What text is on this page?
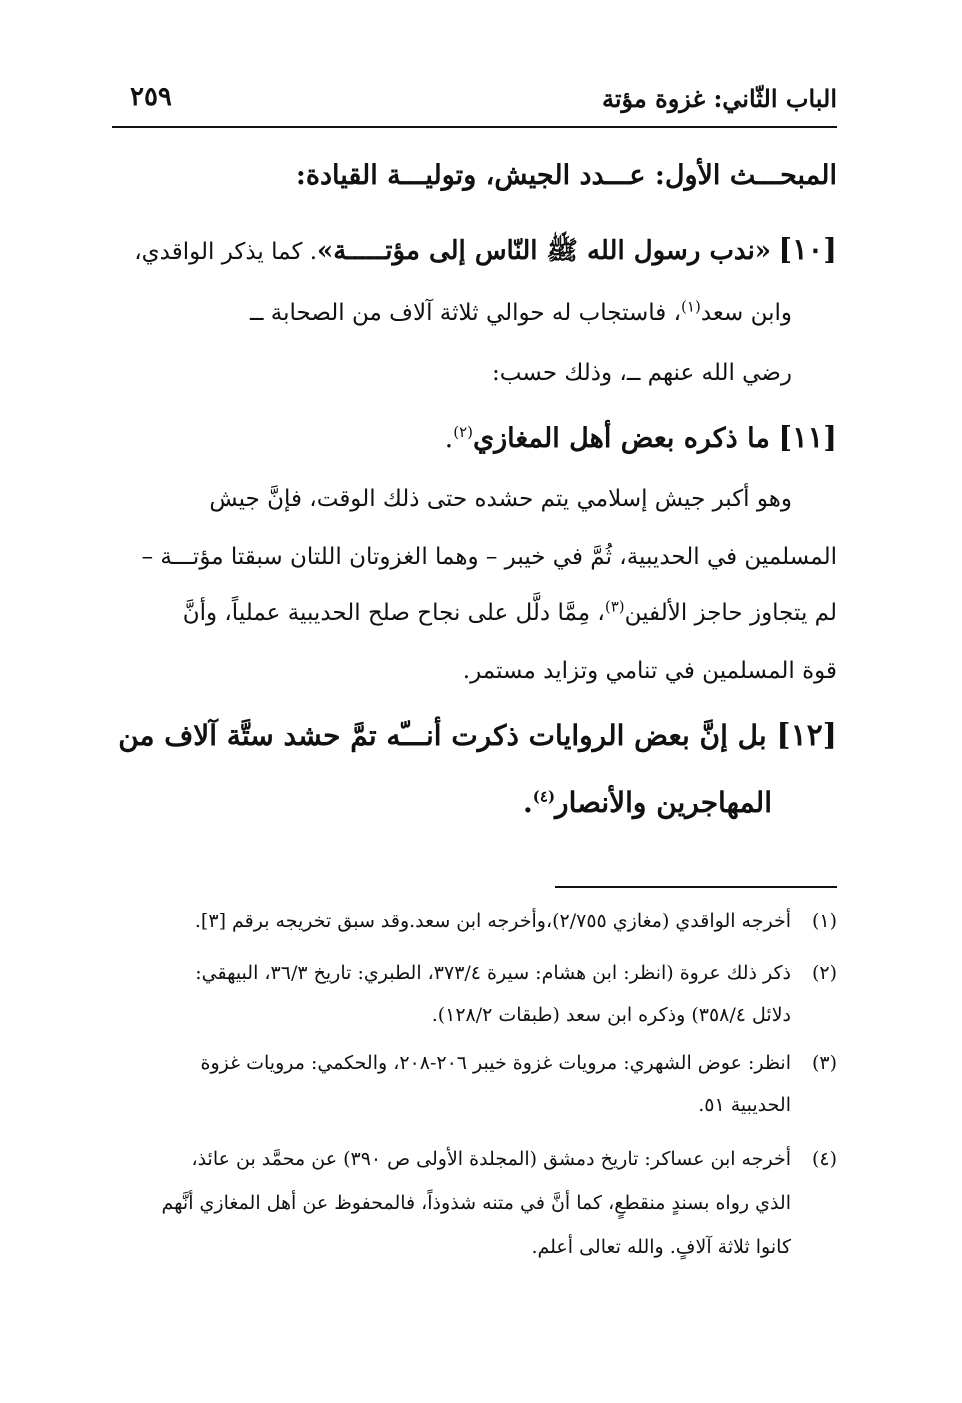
الباب الثّاني: غزوة مؤتة
٢٥٩
المبحـــث الأول: عـــدد الجيش، وتوليـــة القيادة:
[١٠] «ندب رسول الله ﷺ النّاس إلى مؤتـــــة». كما يذكر الواقدي،
وابن سعد$^{(١)}$، فاستجاب له حوالي ثلاثة آلاف من الصحابة ــ
رضي الله عنهم ــ، وذلك حسب:
[١١] ما ذكره بعض أهل المغازي$^{(٢)}$.
وهو أكبر جيش إسلامي يتم حشده حتى ذلك الوقت، فإنَّ جيش
المسلمين في الحديبية، ثُمَّ في خيبر – وهما الغزوتان اللتان سبقتا مؤتـــة –
لم يتجاوز حاجز الألفين$^{(٣)}$، مِمَّا دلَّل على نجاح صلح الحديبية عملياً، وأنَّ
قوة المسلمين في تنامي وتزايد مستمر.
[١٢] بل إنَّ بعض الروايات ذكرت أنـــّه تمَّ حشد ستَّة آلاف من
المهاجرين والأنصار$^{(٤)}$.
(١)
أخرجه الواقدي (مغازي ٢/٧٥٥)،وأخرجه ابن سعد.وقد سبق تخريجه برقم [٣].
(٢)
ذكر ذلك عروة (انظر: ابن هشام: سيرة ٣٧٣/٤، الطبري: تاريخ ٣٦/٣، البيهقي:
دلائل ٣٥٨/٤) وذكره ابن سعد (طبقات ١٢٨/٢).
(٣)
انظر: عوض الشهري: مرويات غزوة خيبر ٢٠٦-٢٠٨، والحكمي: مرويات غزوة
الحديبية ٥١.
(٤)
أخرجه ابن عساكر: تاريخ دمشق (المجلدة الأولى ص ٣٩٠) عن محمَّد بن عائذ،
الذي رواه بسندٍ منقطعٍ، كما أنَّ في متنه شذوذاً، فالمحفوظ عن أهل المغازي أنَّهم
كانوا ثلاثة آلافٍ. والله تعالى أعلم.
